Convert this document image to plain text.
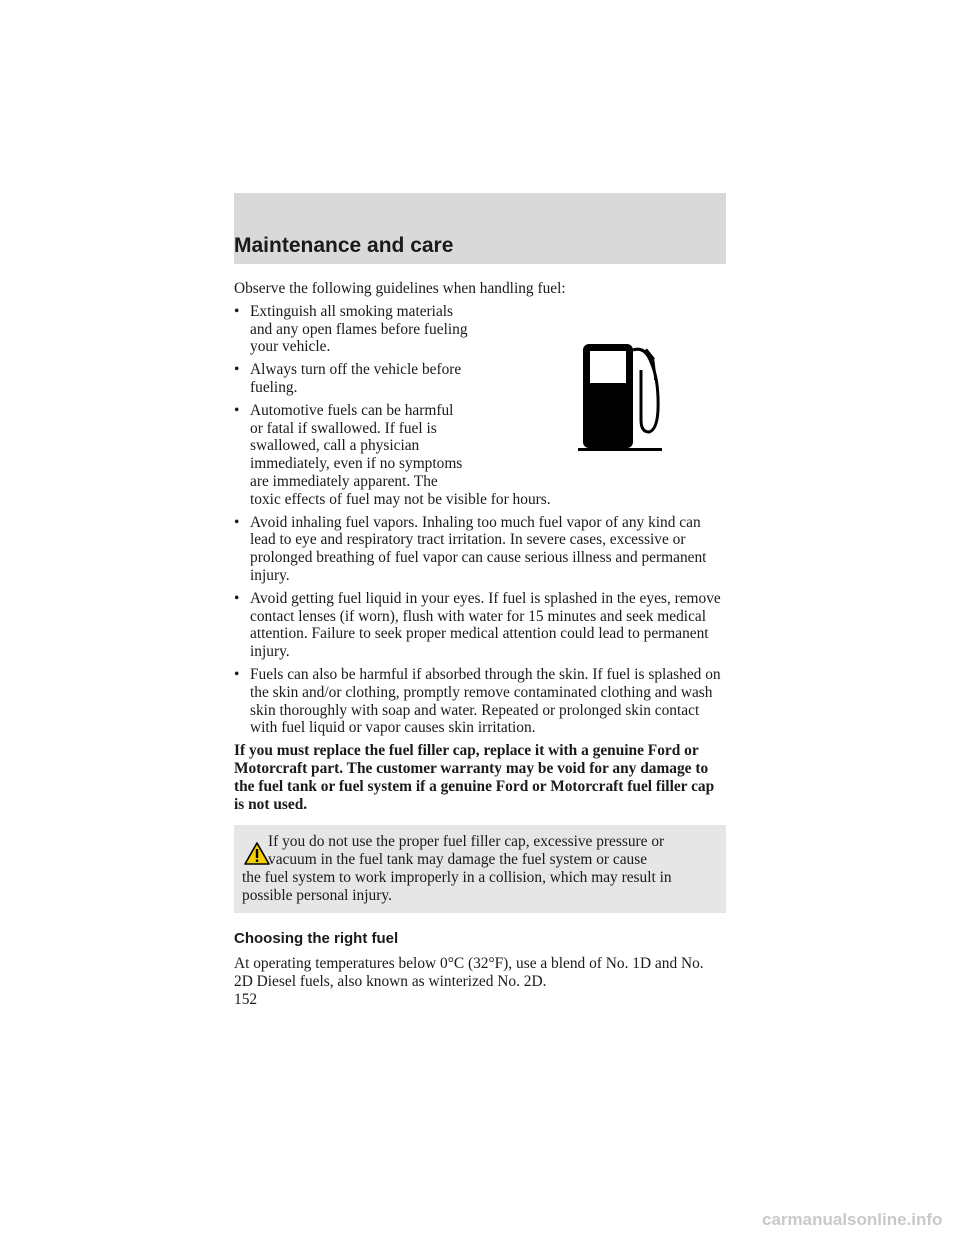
Maintenance and care

Observe the following guidelines when handling fuel:

• Extinguish all smoking materials and any open flames before fueling your vehicle.

• Always turn off the vehicle before fueling.

• Automotive fuels can be harmful or fatal if swallowed. If fuel is swallowed, call a physician immediately, even if no symptoms are immediately apparent. The

toxic effects of fuel may not be visible for hours.

• Avoid inhaling fuel vapors. Inhaling too much fuel vapor of any kind can lead to eye and respiratory tract irritation. In severe cases, excessive or prolonged breathing of fuel vapor can cause serious illness and permanent injury.

• Avoid getting fuel liquid in your eyes. If fuel is splashed in the eyes, remove contact lenses (if worn), flush with water for 15 minutes and seek medical attention. Failure to seek proper medical attention could lead to permanent injury.

• Fuels can also be harmful if absorbed through the skin. If fuel is splashed on the skin and/or clothing, promptly remove contaminated clothing and wash skin thoroughly with soap and water. Repeated or prolonged skin contact with fuel liquid or vapor causes skin irritation.

If you must replace the fuel filler cap, replace it with a genuine Ford or Motorcraft part. The customer warranty may be void for any damage to the fuel tank or fuel system if a genuine Ford or Motorcraft fuel filler cap is not used.

If you do not use the proper fuel filler cap, excessive pressure or vacuum in the fuel tank may damage the fuel system or cause

the fuel system to work improperly in a collision, which may result in possible personal injury.

Choosing the right fuel

At operating temperatures below 0°C (32°F), use a blend of No. 1D and No. 2D Diesel fuels, also known as winterized No. 2D.

152
carmanualsonline.info
